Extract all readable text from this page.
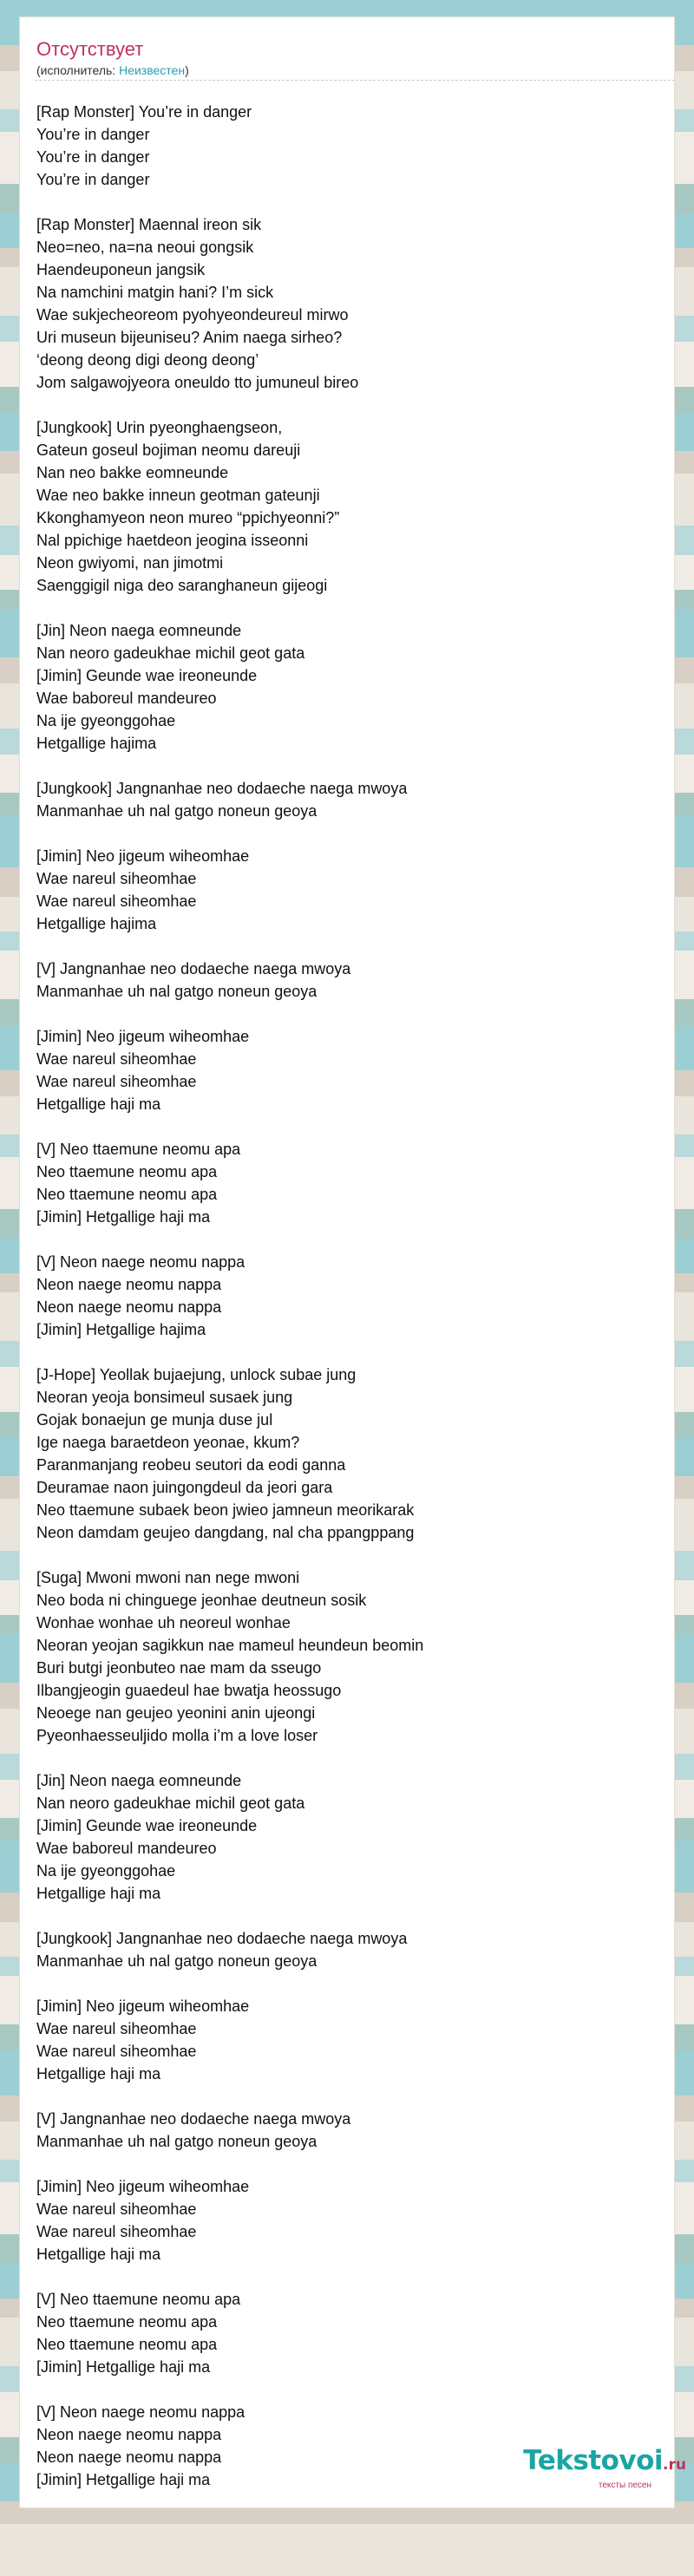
Отсутствует
(исполнитель: Неизвестен)
[Rap Monster] You’re in danger
You’re in danger
You’re in danger
You’re in danger
[Rap Monster] Maennal ireon sik
Neo=neo, na=na neoui gongsik
Haendeuponeun jangsik
Na namchini matgin hani? I’m sick
Wae sukjecheoreom pyohyeondeureul mirwo
Uri museun bijeuniseu? Anim naega sirheo?
‘deong deong digi deong deong’
Jom salgawojyeora oneuldo tto jumuneul bireo
[Jungkook] Urin pyeonghaengseon,
Gateun goseul bojiman neomu dareuji
Nan neo bakke eomneunde
Wae neo bakke inneun geotman gateunji
Kkonghamyeon neon mureo “ppichyeonni?”
Nal ppichige haetdeon jeogina isseonni
Neon gwiyomi, nan jimotmi
Saenggigil niga deo saranghaneun gijeogi
[Jin] Neon naega eomneunde
Nan neoro gadeukhae michil geot gata
[Jimin] Geunde wae ireoneunde
Wae baboreul mandeureo
Na ije gyeonggohae
Hetgallige hajima
[Jungkook] Jangnanhae neo dodaeche naega mwoya
Manmanhae uh nal gatgo noneun geoya
[Jimin] Neo jigeum wiheomhae
Wae nareul siheomhae
Wae nareul siheomhae
Hetgallige hajima
[V] Jangnanhae neo dodaeche naega mwoya
Manmanhae uh nal gatgo noneun geoya
[Jimin] Neo jigeum wiheomhae
Wae nareul siheomhae
Wae nareul siheomhae
Hetgallige haji ma
[V] Neo ttaemune neomu apa
Neo ttaemune neomu apa
Neo ttaemune neomu apa
[Jimin] Hetgallige haji ma
[V] Neon naege neomu nappa
Neon naege neomu nappa
Neon naege neomu nappa
[Jimin] Hetgallige hajima
[J-Hope] Yeollak bujaejung, unlock subae jung
Neoran yeoja bonsimeul susaek jung
Gojak bonaejun ge munja duse jul
Ige naega baraetdeon yeonae, kkum?
Paranmanjang reobeu seutori da eodi ganna
Deuramae naon juingongdeul da jeori gara
Neo ttaemune subaek beon jwieo jamneun meorikarak
Neon damdam geujeo dangdang, nal cha ppangppang
[Suga] Mwoni mwoni nan nege mwoni
Neo boda ni chinguege jeonhae deutneun sosik
Wonhae wonhae uh neoreul wonhae
Neoran yeojan sagikkun nae mameul heundeun beomin
Buri butgi jeonbuteo nae mam da sseugo
Ilbangjeogin guaedeul hae bwatja heossugo
Neoege nan geujeo yeonini anin ujeongi
Pyeonhaesseuljido molla i’m a love loser
[Jin] Neon naega eomneunde
Nan neoro gadeukhae michil geot gata
[Jimin] Geunde wae ireoneunde
Wae baboreul mandeureo
Na ije gyeonggohae
Hetgallige haji ma
[Jungkook] Jangnanhae neo dodaeche naega mwoya
Manmanhae uh nal gatgo noneun geoya
[Jimin] Neo jigeum wiheomhae
Wae nareul siheomhae
Wae nareul siheomhae
Hetgallige haji ma
[V] Jangnanhae neo dodaeche naega mwoya
Manmanhae uh nal gatgo noneun geoya
[Jimin] Neo jigeum wiheomhae
Wae nareul siheomhae
Wae nareul siheomhae
Hetgallige haji ma
[V] Neo ttaemune neomu apa
Neo ttaemune neomu apa
Neo ttaemune neomu apa
[Jimin] Hetgallige haji ma
[V] Neon naege neomu nappa
Neon naege neomu nappa
Neon naege neomu nappa
[Jimin] Hetgallige haji ma
Tekstovoi.ru
тексты песен
